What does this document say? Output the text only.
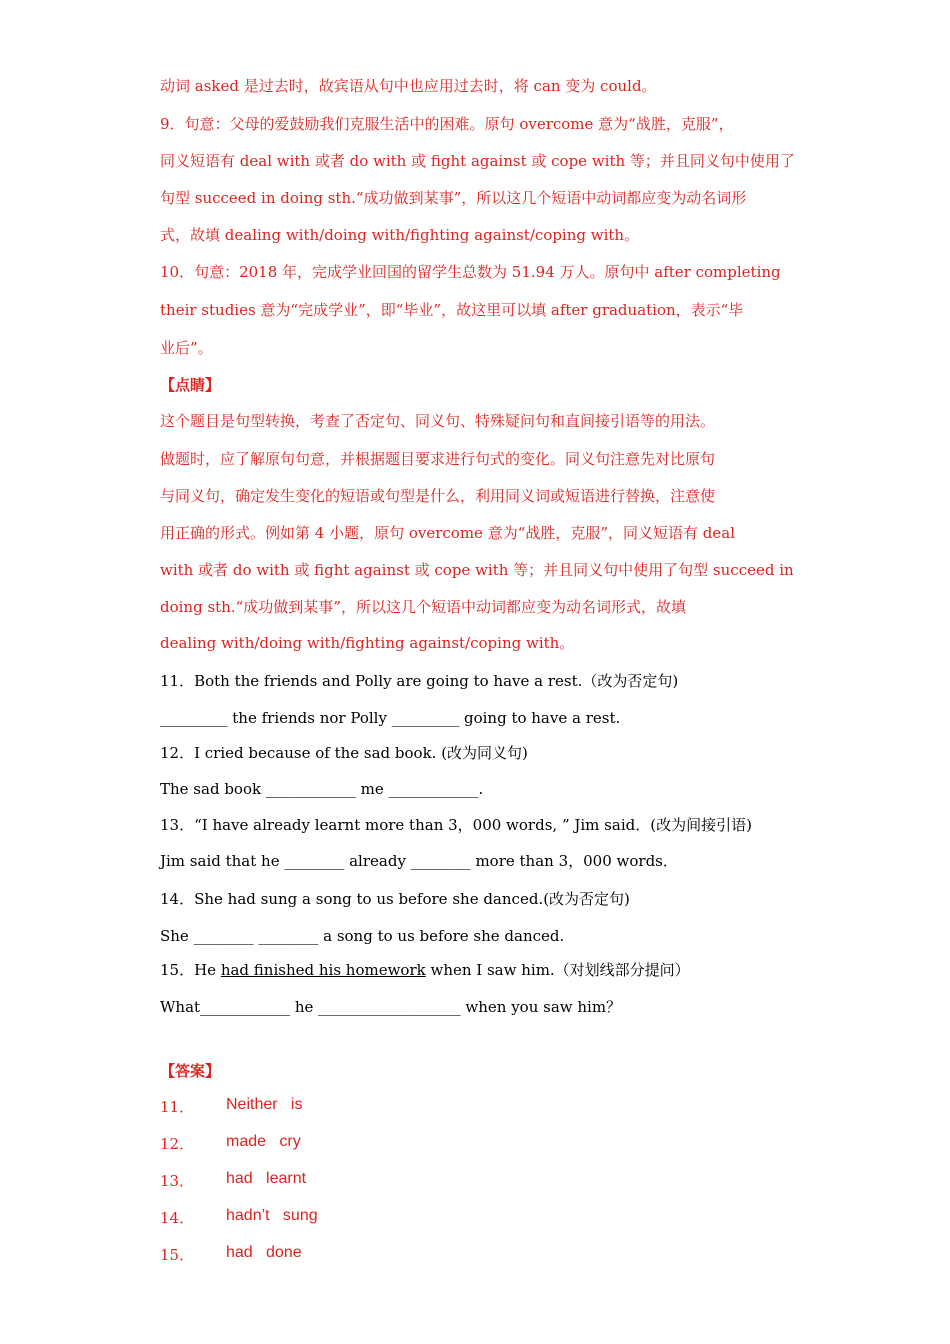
动词 asked 是过去时，故宾语从句中也应用过去时，将 can 变为 could。
9．句意：父母的爱鼓励我们克服生活中的困难。原句 overcome 意为“战胜，克服”，
同义短语有 deal with 或者 do with 或 fight against 或 cope with 等；并且同义句中使用了
句型 succeed in doing sth.“成功做到某事”，所以这几个短语中动词都应变为动名词形
式，故填 dealing with/doing with/fighting against/coping with。
10．句意：2018 年，完成学业回国的留学生总数为 51.94 万人。原句中 after completing
their studies 意为“完成学业”，即“毕业”，故这里可以填 after graduation，表示“毕
业后”。
【点睛】
这个题目是句型转换，考查了否定句、同义句、特殊疑问句和直间接引语等的用法。
做题时，应了解原句句意，并根据题目要求进行句式的变化。同义句注意先对比原句
与同义句，确定发生变化的短语或句型是什么，利用同义词或短语进行替换，注意使
用正确的形式。例如第 4 小题，原句 overcome 意为“战胜，克服”，同义短语有 deal
with 或者 do with 或 fight against 或 cope with 等；并且同义句中使用了句型 succeed in
doing sth.“成功做到某事”，所以这几个短语中动词都应变为动名词形式，故填
dealing with/doing with/fighting against/coping with。
11．Both the friends and Polly are going to have a rest.（改为否定句)
_________ the friends nor Polly _________ going to have a rest.
12．I cried because of the sad book. (改为同义句)
The sad book ____________ me ____________.
13．“I have already learnt more than 3，000 words, ” Jim said．(改为间接引语)
Jim said that he ________ already ________ more than 3，000 words．
14．She had sung a song to us before she danced.(改为否定句)
She ________ ________ a song to us before she danced.
15．He had finished his homework when I saw him.（对划线部分提问）
What____________ he ___________________ when you saw him？
【答案】
11． Neither   is
12． made   cry
13． had   learnt
14． hadn’t   sung
15． had   done
